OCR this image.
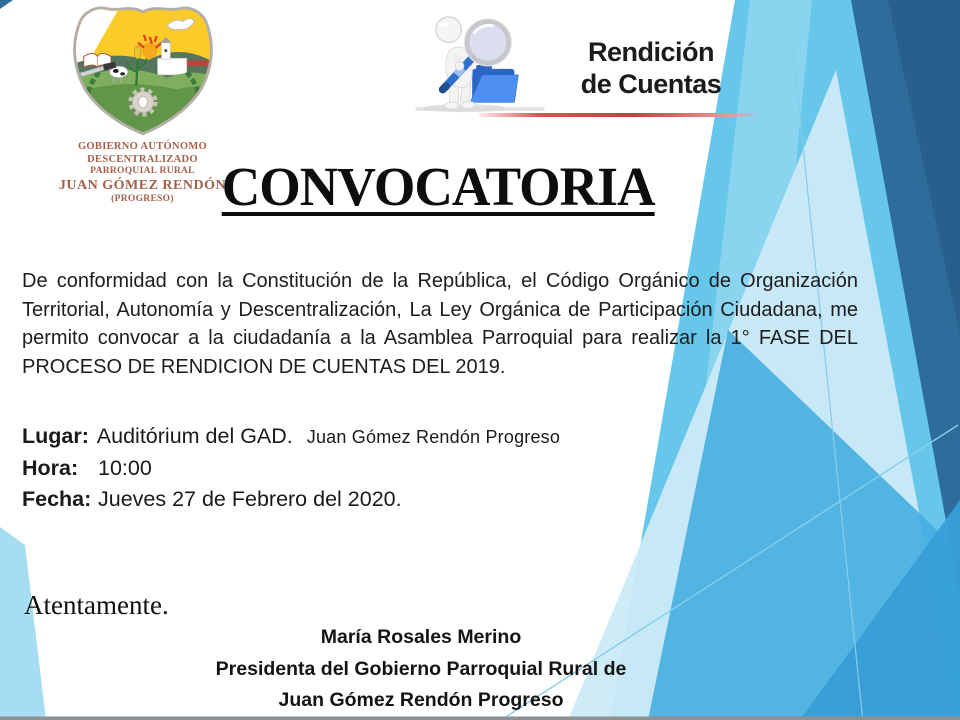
GOBIERNO AUTÓNOMO DESCENTRALIZADO
PARROQUIAL RURAL
JUAN GÓMEZ RENDÓN
(PROGRESO)
Rendición
de Cuentas
CONVOCATORIA

De conformidad con la Constitución de la República, el Código Orgánico de Organización Territorial, Autonomía y Descentralización, La Ley Orgánica de Participación Ciudadana, me permito convocar a la ciudadanía a la Asamblea Parroquial para realizar la 1° FASE DEL PROCESO DE RENDICION DE CUENTAS DEL 2019.

Lugar: Auditórium del GAD. Juan Gómez Rendón Progreso
Hora: 10:00
Fecha: Jueves 27 de Febrero del 2020.
Atentamente.
María Rosales Merino
Presidenta del Gobierno Parroquial Rural de
Juan Gómez Rendón Progreso
